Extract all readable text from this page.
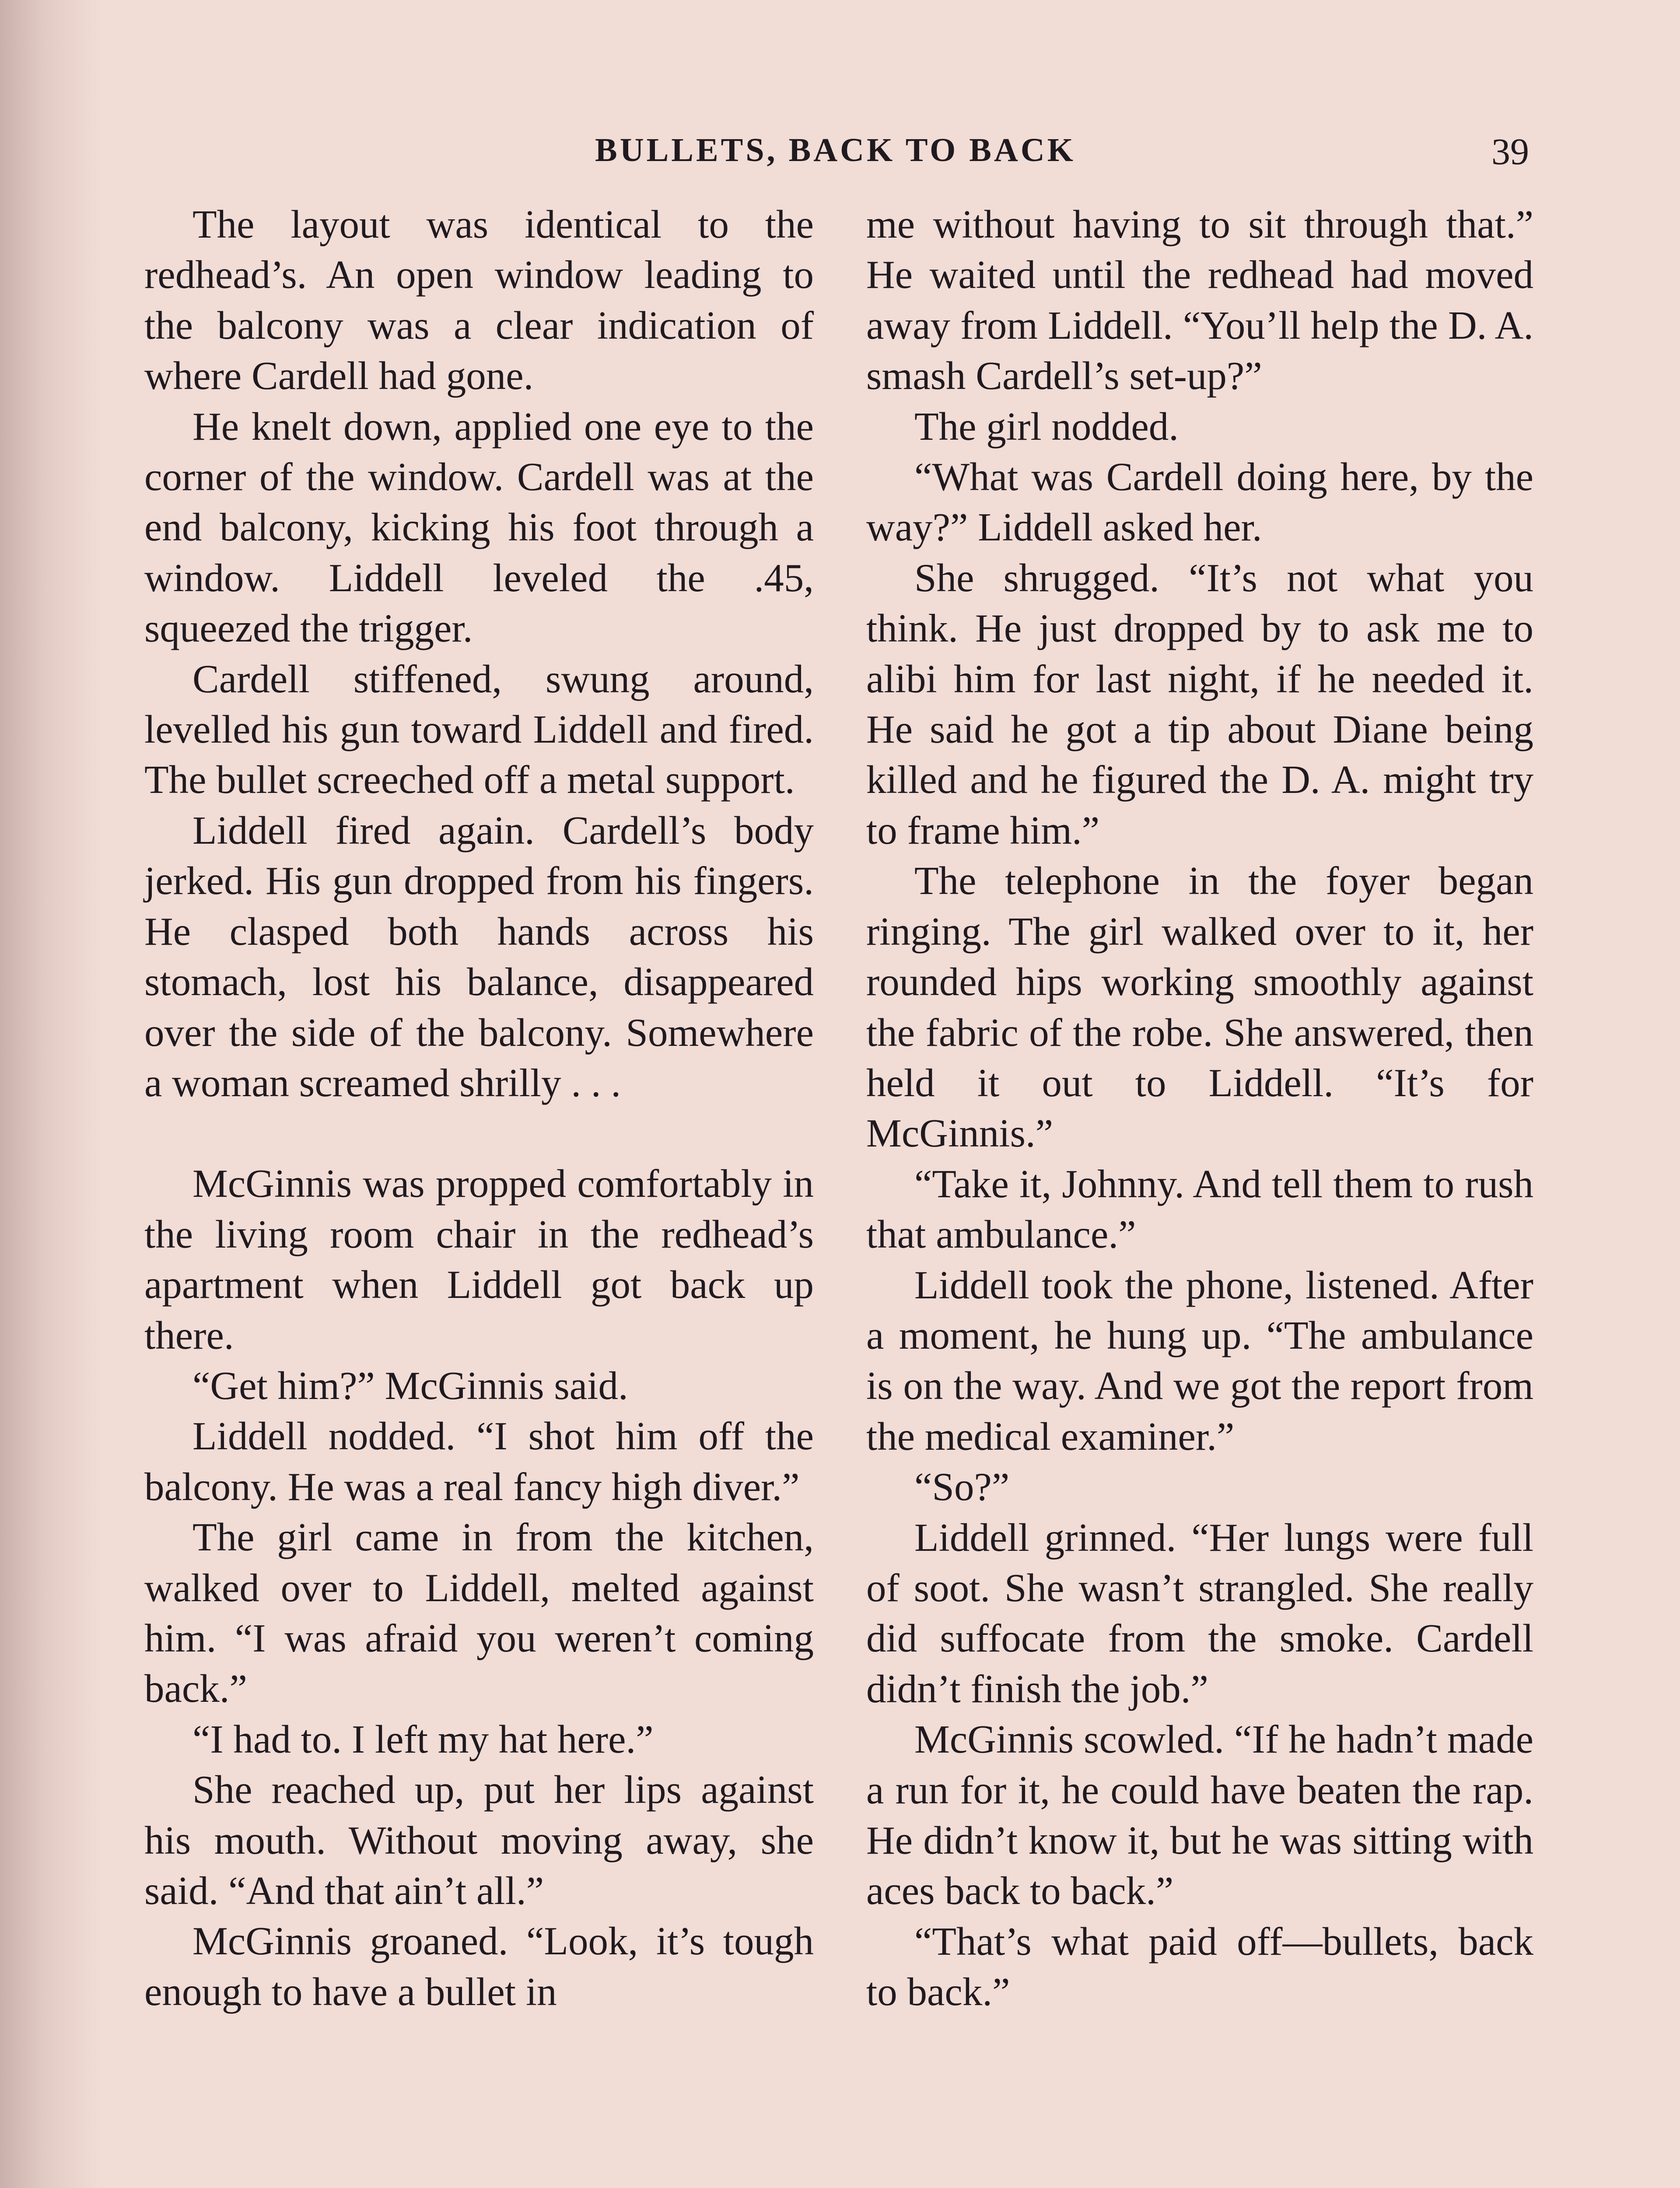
BULLETS, BACK TO BACK	39

The layout was identical to the redhead’s. An open window leading to the balcony was a clear indication of where Cardell had gone.

He knelt down, applied one eye to the corner of the window. Cardell was at the end balcony, kicking his foot through a window. Liddell leveled the .45, squeezed the trigger.

Cardell stiffened, swung around, levelled his gun toward Liddell and fired. The bullet screeched off a metal support.

Liddell fired again. Cardell’s body jerked. His gun dropped from his fingers. He clasped both hands across his stomach, lost his balance, disappeared over the side of the balcony. Somewhere a woman screamed shrilly . . .

McGinnis was propped comfortably in the living room chair in the redhead’s apartment when Liddell got back up there.

“Get him?” McGinnis said.

Liddell nodded. “I shot him off the balcony. He was a real fancy high diver.”

The girl came in from the kitchen, walked over to Liddell, melted against him. “I was afraid you weren’t coming back.”

“I had to. I left my hat here.”

She reached up, put her lips against his mouth. Without moving away, she said. “And that ain’t all.”

McGinnis groaned. “Look, it’s tough enough to have a bullet in

me without having to sit through that.” He waited until the redhead had moved away from Liddell. “You’ll help the D. A. smash Cardell’s set-up?”

The girl nodded.

“What was Cardell doing here, by the way?” Liddell asked her.

She shrugged. “It’s not what you think. He just dropped by to ask me to alibi him for last night, if he needed it. He said he got a tip about Diane being killed and he figured the D. A. might try to frame him.”

The telephone in the foyer began ringing. The girl walked over to it, her rounded hips working smoothly against the fabric of the robe. She answered, then held it out to Liddell. “It’s for McGinnis.”

“Take it, Johnny. And tell them to rush that ambulance.”

Liddell took the phone, listened. After a moment, he hung up. “The ambulance is on the way. And we got the report from the medical examiner.”

“So?”

Liddell grinned. “Her lungs were full of soot. She wasn’t strangled. She really did suffocate from the smoke. Cardell didn’t finish the job.”

McGinnis scowled. “If he hadn’t made a run for it, he could have beaten the rap. He didn’t know it, but he was sitting with aces back to back.”

“That’s what paid off—bullets, back to back.”
